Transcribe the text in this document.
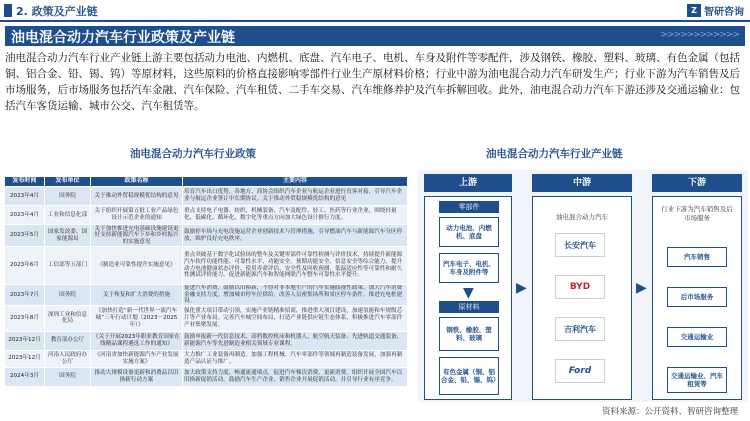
2. 政策及产业链	Z 智研咨询
油电混合动力汽车行业政策及产业链	>>>>>>>>>>>>
油电混合动力汽车行业产业链上游主要包括动力电池、内燃机、底盘、汽车电子、电机、车身及附件等零配件，涉及钢铁、橡胶、塑料、玻璃、有色金属（包括铜、铝合金、铅、锡、钨）等原材料，这些原料的价格直接影响零部件行业生产原材料价格；行业中游为油电混合动力汽车研发生产；行业下游为汽车销售及后市场服务，后市场服务包括汽车金融、汽车保险、汽车租赁、二手车交易、汽车维修养护及汽车拆解回收。此外，油电混合动力汽车下游还涉及交通运输业：包括汽车客货运输、城市公交、汽车租赁等。
油电混合动力汽车行业政策	油电混合动力汽车行业产业链
发布时间	发布单位	政策名称	主要内容
2023年4月	国务院	关于推动外贸稳规模优结构的意见	培育汽车出口优势。各地方、商协会组织汽车企业与航运企业进行直客对接，引导汽车企业与航运企业签订中长期协议。关于推动外贸稳规模优结构的意见
2023年4月	工业和信息化部	关于组织开展第五批工业产品绿色设计示范企业的通知	重点支持电子电器、纺织、机械装备、汽车及配件、轻工、医药等行业企业，围绕轻量化、低碳化、循环化、数字化等重点方向加大绿色设计推行力度。
2023年5月	国家发改委、国家能源局	关于加快推进充电基础设施建设更好支持新能源汽车下乡和乡村振兴的实施意见	鼓励停车场与充电设施运营企业创新技术与管理措施，引导燃油汽车与新能源汽车分区停放，维护良好充电秩序。
2023年6月	工信部等五部门	《制造业可靠性提升实施意见》	重点突破基于数字化试验场的整车及关键零部件可靠性检测与评价技术，持续提升新能源汽车软件功能性能、可靠性水平、功能安全、预期功能安全、信息安全等综合能力，提升动力电池健康状态评价、使用寿命评估、安全性及回收预测、低温适应性等可靠性和耐久性测试评价能力，促进新能源汽车和智能网联汽车整车可靠性水平提升。
2023年7月	国务院	关于恢复和扩大消费的措施	促进汽车消费，鼓励以旧换新，不得对非本地生产的汽车实施歧视性政策。加大汽车消费金融支持力度。增加城市停车位供给，改善人员密集场所和景区停车条件，推进充电桩建设。
2023年8月	深圳工业和信息化局	《加快打造“新一代世界一流汽车城”三年行动计划（2023－2025年）》	强化重大项目带动引领，实施产业链精准招商，推进重大项目建设，加速氢能和车规级芯片等产业布局。完善汽车城空间布局，打造产业链供应链生态体系，积极推进汽车零部件产业集聚发展。
2023年12月	教育部办公厅	《关于开展2023年职业教育国家在线精品课程遴选工作的通知》	鼓励申报新一代信息技术、高档数控机床和机器人、航空航天装备、先进轨道交通装备、新能源汽车等先进制造业相关领域专业课程。
2023年12月	河南人民政府办公厅	《河南省加快新能源汽车产业发展实施方案》	大力推广工业装备再制造。加强工程机械、汽车零部件等领域再制造装备发展，加强再制造产品认证与推广。
2024年3月	国务院	推动大规模设备更新和消费品以旧换新行动方案	加大政策支持力度，畅通流通堵点，促进汽车梯次消费、更新消费。组织开展全国汽车以旧换新促销活动，鼓励汽车生产企业、销售企业开展促销活动，并引导行业有序竞争。
上游
零部件
动力电池、内燃机、底盘
汽车电子、电机、车身及附件等
▼
原材料
钢铁、橡胶、塑料、玻璃
有色金属（铜、铝合金、铅、锡、钨）
▶
中游
油电混合动力汽车
长安汽车
BYD
吉利汽车
Ford
▶
下游
行业下游为汽车销售及后市场服务
汽车销售
后市场服务
交通运输业
交通运输业、汽车租赁等
资料来源：公开资料、智研咨询整理
